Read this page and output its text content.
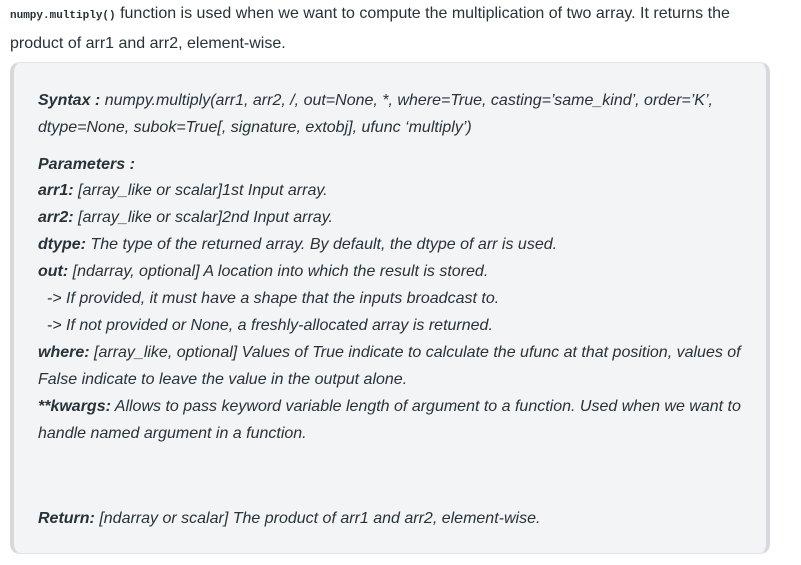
numpy.multiply() function is used when we want to compute the multiplication of two array. It returns the
product of arr1 and arr2, element-wise.
Syntax : numpy.multiply(arr1, arr2, /, out=None, *, where=True, casting=’same_kind’, order=’K’,
dtype=None, subok=True[, signature, extobj], ufunc ‘multiply’)
Parameters :
arr1: [array_like or scalar]1st Input array.
arr2: [array_like or scalar]2nd Input array.
dtype: The type of the returned array. By default, the dtype of arr is used.
out: [ndarray, optional] A location into which the result is stored.
-> If provided, it must have a shape that the inputs broadcast to.
-> If not provided or None, a freshly-allocated array is returned.
where: [array_like, optional] Values of True indicate to calculate the ufunc at that position, values of
False indicate to leave the value in the output alone.
**kwargs: Allows to pass keyword variable length of argument to a function. Used when we want to
handle named argument in a function.
Return: [ndarray or scalar] The product of arr1 and arr2, element-wise.
